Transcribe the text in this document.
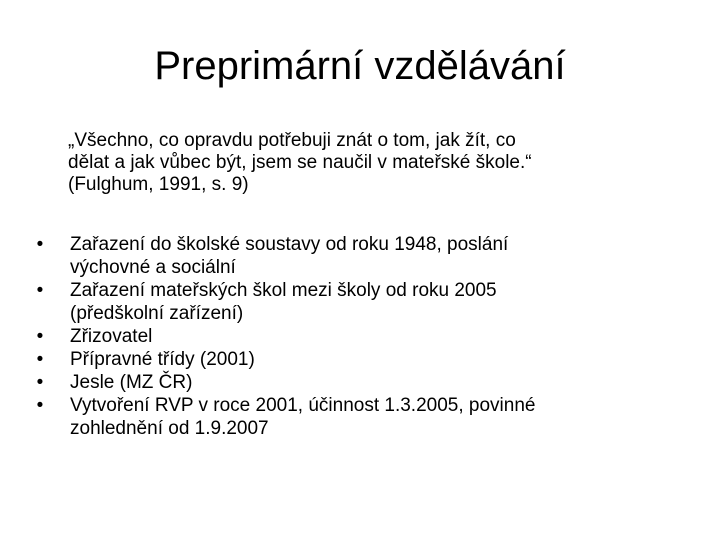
Preprimární vzdělávání

„Všechno, co opravdu potřebuji znát o tom, jak žít, co
dělat a jak vůbec být, jsem se naučil v mateřské škole.“
(Fulghum, 1991, s. 9)

•	Zařazení do školské soustavy od roku 1948, poslání
výchovné a sociální
•	Zařazení mateřských škol mezi školy od roku 2005
(předškolní zařízení)
•	Zřizovatel
•	Přípravné třídy (2001)
•	Jesle (MZ ČR)
•	Vytvoření RVP v roce 2001, účinnost 1.3.2005, povinné
zohlednění od 1.9.2007
